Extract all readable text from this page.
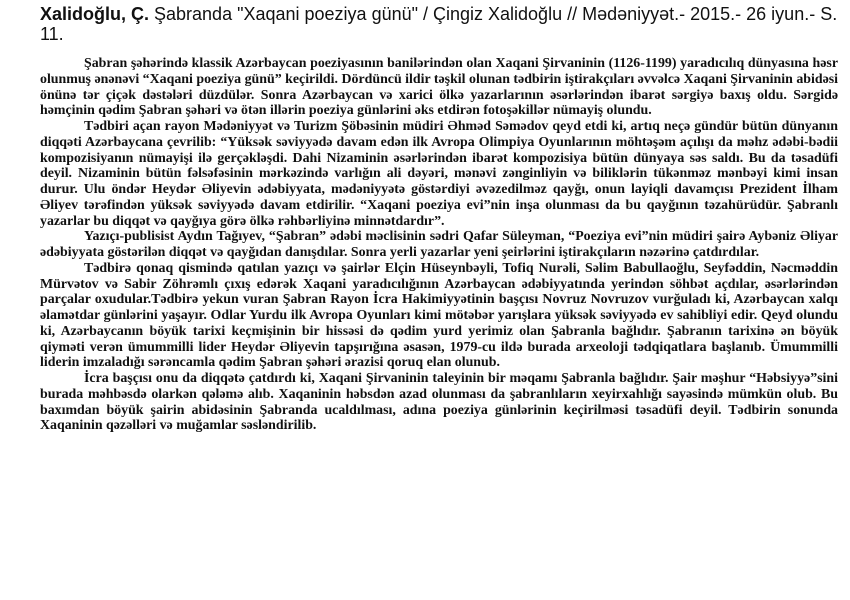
Xalidoğlu, Ç. Şabranda "Xaqani poeziya günü" / Çingiz Xalidoğlu // Mədəniyyət.- 2015.- 26 iyun.- S. 11.

Şabran şəhərində klassik Azərbaycan poeziyasının banilərindən olan Xaqani Şirvaninin (1126-1199) yaradıcılıq dünyasına həsr olunmuş ənənəvi “Xaqani poeziya günü” keçirildi. Dördüncü ildir təşkil olunan tədbirin iştirakçıları əvvəlcə Xaqani Şirvaninin abidəsi önünə tər çiçək dəstələri düzdülər. Sonra Azərbaycan və xarici ölkə yazarlarının əsərlərindən ibarət sərgiyə baxış oldu. Sərgidə həmçinin qədim Şabran şəhəri və ötən illərin poeziya günlərini əks etdirən fotoşəkillər nümayiş olundu.

Tədbiri açan rayon Mədəniyyət və Turizm Şöbəsinin müdiri Əhməd Səmədov qeyd etdi ki, artıq neçə gündür bütün dünyanın diqqəti Azərbaycana çevrilib: “Yüksək səviyyədə davam edən ilk Avropa Olimpiya Oyunlarının möhtəşəm açılışı da məhz ədəbi-bədii kompozisiyanın nümayişi ilə gerçəkləşdi. Dahi Nizaminin əsərlərindən ibarət kompozisiya bütün dünyaya səs saldı. Bu da təsadüfi deyil. Nizaminin bütün fəlsəfəsinin mərkəzində varlığın ali dəyəri, mənəvi zənginliyin və biliklərin tükənməz mənbəyi kimi insan durur. Ulu öndər Heydər Əliyevin ədəbiyyata, mədəniyyətə göstərdiyi əvəzedilməz qayğı, onun layiqli davamçısı Prezident İlham Əliyev tərəfindən yüksək səviyyədə davam etdirilir. “Xaqani poeziya evi”nin inşa olunması da bu qayğının təzahürüdür. Şabranlı yazarlar bu diqqət və qayğıya görə ölkə rəhbərliyinə minnətdardır”.

Yazıçı-publisist Aydın Tağıyev, “Şabran” ədəbi məclisinin sədri Qafar Süleyman, “Poeziya evi”nin müdiri şairə Aybəniz Əliyar ədəbiyyata göstərilən diqqət və qayğıdan danışdılar. Sonra yerli yazarlar yeni şeirlərini iştirakçıların nəzərinə çatdırdılar.

Tədbirə qonaq qismində qatılan yazıçı və şairlər Elçin Hüseynbəyli, Tofiq Nurəli, Səlim Babullaoğlu, Seyfəddin, Nəcməddin Mürvətov və Sabir Zöhrəmlı çıxış edərək Xaqani yaradıcılığının Azərbaycan ədəbiyyatında yerindən söhbət açdılar, əsərlərindən parçalar oxudular.Tədbirə yekun vuran Şabran Rayon İcra Hakimiyyətinin başçısı Novruz Novruzov vurğuladı ki, Azərbaycan xalqı əlamətdar günlərini yaşayır. Odlar Yurdu ilk Avropa Oyunları kimi mötəbər yarışlara yüksək səviyyədə ev sahibliyi edir. Qeyd olundu ki, Azərbaycanın böyük tarixi keçmişinin bir hissəsi də qədim yurd yerimiz olan Şabranla bağlıdır. Şabranın tarixinə ən böyük qiyməti verən ümummilli lider Heydər Əliyevin tapşırığına əsasən, 1979-cu ildə burada arxeoloji tədqiqatlara başlanıb. Ümummilli liderin imzaladığı sərəncamla qədim Şabran şəhəri ərazisi qoruq elan olunub.

İcra başçısı onu da diqqətə çatdırdı ki, Xaqani Şirvaninin taleyinin bir məqamı Şabranla bağlıdır. Şair məşhur “Həbsiyyə”sini burada məhbəsdə olarkən qələmə alıb. Xaqaninin həbsdən azad olunması da şabranlıların xeyirxahlığı sayəsində mümkün olub. Bu baxımdan böyük şairin abidəsinin Şabranda ucaldılması, adına poeziya günlərinin keçirilməsi təsadüfi deyil. Tədbirin sonunda Xaqaninin qəzəlləri və muğamlar səsləndirilib.
